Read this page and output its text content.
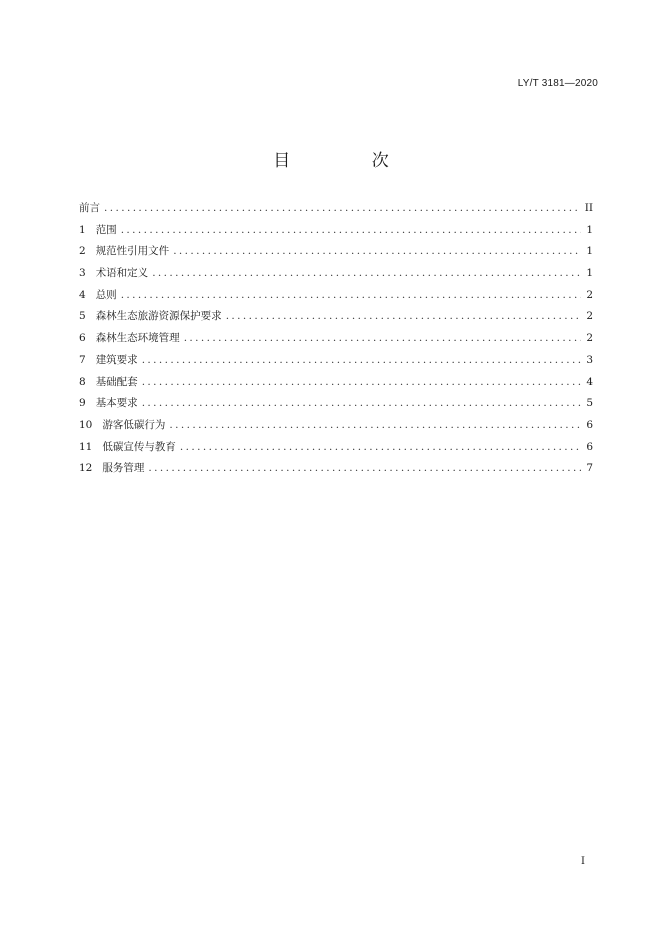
LY/T 3181—2020
目 次
前言 .....	II
1 范围 .....	1
2 规范性引用文件 .....	1
3 术语和定义 .....	1
4 总则 .....	2
5 森林生态旅游资源保护要求 .....	2
6 森林生态环境管理 .....	2
7 建筑要求 .....	3
8 基础配套 .....	4
9 基本要求 .....	5
10 游客低碳行为 .....	6
11 低碳宣传与教育 .....	6
12 服务管理 .....	7
I
